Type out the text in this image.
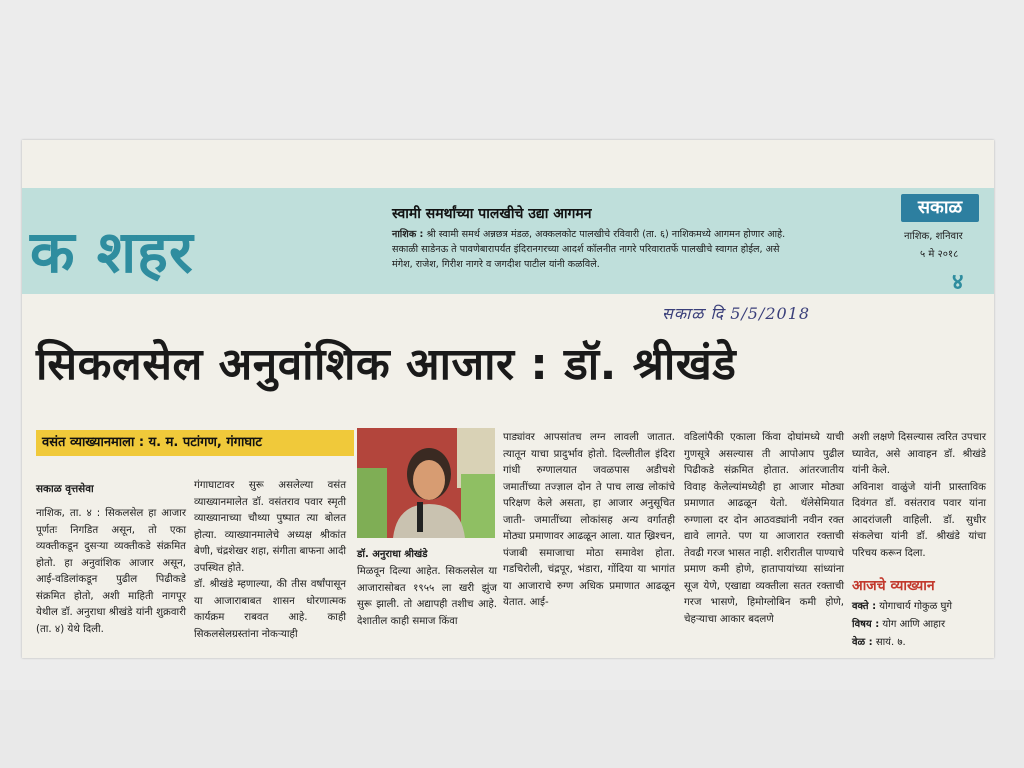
क शहर
स्वामी समर्थांच्या पालखीचे उद्या आगमन
नाशिक : श्री स्वामी समर्थ अन्नछत्र मंडळ, अक्कलकोट पालखीचे रविवारी (ता. ६) नाशिकमध्ये आगमन होणार आहे. सकाळी साडेनऊ ते पावणेबारापर्यंत इंदिरानगरच्या आदर्श कॉलनीत नागरे परिवारातर्फे पालखीचे स्वागत होईल, असे मंगेश, राजेश, गिरीश नागरे व जगदीश पाटील यांनी कळविले.
सकाळ
नाशिक, शनिवार
५ मे २०१८
४
सकाळ दि 5/5/2018
सिकलसेल अनुवांशिक आजार : डॉ. श्रीखंडे
वसंत व्याख्यानमाला : य. म. पटांगण, गंगाघाट
सकाळ वृत्तसेवा
नाशिक, ता. ४ : सिकलसेल हा आजार पूर्णतः निगडित असून, तो एका व्यक्तीकडून दुसऱ्या व्यक्तीकडे संक्रमित होतो. हा अनुवांशिक आजार असून, आई-वडिलांकडून पुढील पिढीकडे संक्रमित होतो, अशी माहिती नागपूर येथील डॉ. अनुराधा श्रीखंडे यांनी शुक्रवारी (ता. ४) येथे दिली.
गंगाघाटावर सुरू असलेल्या वसंत व्याख्यानमालेत डॉ. वसंतराव पवार स्मृती व्याख्यानाच्या चौथ्या पुष्पात त्या बोलत होत्या. व्याख्यानमालेचे अध्यक्ष श्रीकांत बेणी, चंद्रशेखर शहा, संगीता बाफना आदी उपस्थित होते.
डॉ. श्रीखंडे म्हणाल्या, की तीस वर्षांपासून या आजाराबाबत शासन धोरणात्मक कार्यक्रम राबवत आहे. काही सिकलसेलग्रस्तांना नोकऱ्याही
डॉ. अनुराधा श्रीखंडे
मिळवून दिल्या आहेत. सिकलसेल या आजारासोबत १९५५ ला खरी झुंज सुरू झाली. तो अद्यापही तशीच आहे. देशातील काही समाज किंवा
पाड्यांवर आपसांतच लग्न लावली जातात. त्यातून याचा प्रादुर्भाव होतो. दिल्लीतील इंदिरा गांधी रुग्णालयात जवळपास अडीचशे जमातींच्या तज्ज्ञाल दोन ते पाच लाख लोकांचे परिक्षण केले असता, हा आजार अनुसूचित जाती- जमातींच्या लोकांसह अन्य वर्गातही मोठ्या प्रमाणावर आढळून आला. यात ख्रिश्चन, पंजाबी समाजाचा मोठा समावेश होता. गडचिरोली, चंद्रपूर, भंडारा, गोंदिया या भागांत या आजाराचे रुग्ण अधिक प्रमाणात आढळून येतात. आई-
वडिलांपैकी एकाला किंवा दोघांमध्ये याची गुणसूत्रे असल्यास ती आपोआप पुढील पिढीकडे संक्रमित होतात. आंतरजातीय विवाह केलेल्यांमध्येही हा आजार मोठ्या प्रमाणात आढळून येतो. थॅलेसेमियात रुग्णाला दर दोन आठवड्यांनी नवीन रक्त द्यावे लागते. पण या आजारात रक्ताची तेवढी गरज भासत नाही. शरीरातील पाण्याचे प्रमाण कमी होणे, हातापायांच्या सांध्यांना सूज येणे, एखाद्या व्यक्तीला सतत रक्ताची गरज भासणे, हिमोग्लोबिन कमी होणे, चेहऱ्याचा आकार बदलणे
अशी लक्षणे दिसल्यास त्वरित उपचार घ्यावेत, असे आवाहन डॉ. श्रीखंडे यांनी केले.
अविनाश वाळुंजे यांनी प्रास्ताविक दिवंगत डॉ. वसंतराव पवार यांना आदरांजली वाहिली. डॉ. सुधीर संकलेचा यांनी डॉ. श्रीखंडे यांचा परिचय करून दिला.
आजचे व्याख्यान
वक्ते : योगाचार्य गोकुळ घुगे
विषय : योग आणि आहार
वेळ : सायं. ७.
